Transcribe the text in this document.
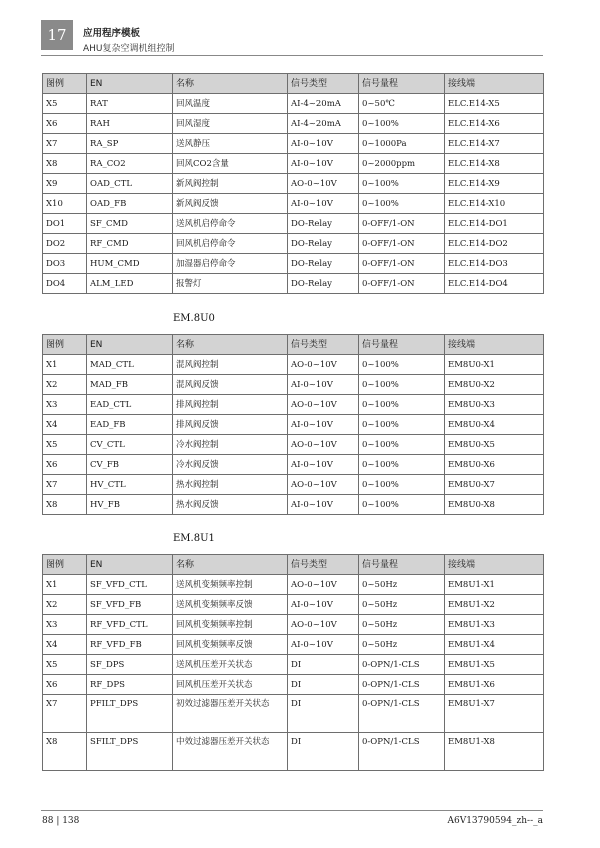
17	应用程序模板
AHU复杂空调机组控制
图例	EN	名称	信号类型	信号量程	接线端
X5	RAT	回风温度	AI-4~20mA	0~50℃	ELC.E14-X5
X6	RAH	回风湿度	AI-4~20mA	0~100%	ELC.E14-X6
X7	RA_SP	送风静压	AI-0~10V	0~1000Pa	ELC.E14-X7
X8	RA_CO2	回风CO2含量	AI-0~10V	0~2000ppm	ELC.E14-X8
X9	OAD_CTL	新风阀控制	AO-0~10V	0~100%	ELC.E14-X9
X10	OAD_FB	新风阀反馈	AI-0~10V	0~100%	ELC.E14-X10
DO1	SF_CMD	送风机启停命令	DO-Relay	0-OFF/1-ON	ELC.E14-DO1
DO2	RF_CMD	回风机启停命令	DO-Relay	0-OFF/1-ON	ELC.E14-DO2
DO3	HUM_CMD	加湿器启停命令	DO-Relay	0-OFF/1-ON	ELC.E14-DO3
DO4	ALM_LED	报警灯	DO-Relay	0-OFF/1-ON	ELC.E14-DO4
EM.8U0
图例	EN	名称	信号类型	信号量程	接线端
X1	MAD_CTL	混风阀控制	AO-0~10V	0~100%	EM8U0-X1
X2	MAD_FB	混风阀反馈	AI-0~10V	0~100%	EM8U0-X2
X3	EAD_CTL	排风阀控制	AO-0~10V	0~100%	EM8U0-X3
X4	EAD_FB	排风阀反馈	AI-0~10V	0~100%	EM8U0-X4
X5	CV_CTL	冷水阀控制	AO-0~10V	0~100%	EM8U0-X5
X6	CV_FB	冷水阀反馈	AI-0~10V	0~100%	EM8U0-X6
X7	HV_CTL	热水阀控制	AO-0~10V	0~100%	EM8U0-X7
X8	HV_FB	热水阀反馈	AI-0~10V	0~100%	EM8U0-X8
EM.8U1
图例	EN	名称	信号类型	信号量程	接线端
X1	SF_VFD_CTL	送风机变频频率控制	AO-0~10V	0~50Hz	EM8U1-X1
X2	SF_VFD_FB	送风机变频频率反馈	AI-0~10V	0~50Hz	EM8U1-X2
X3	RF_VFD_CTL	回风机变频频率控制	AO-0~10V	0~50Hz	EM8U1-X3
X4	RF_VFD_FB	回风机变频频率反馈	AI-0~10V	0~50Hz	EM8U1-X4
X5	SF_DPS	送风机压差开关状态	DI	0-OPN/1-CLS	EM8U1-X5
X6	RF_DPS	回风机压差开关状态	DI	0-OPN/1-CLS	EM8U1-X6
X7	PFILT_DPS	初效过滤器压差开关状态	DI	0-OPN/1-CLS	EM8U1-X7
X8	SFILT_DPS	中效过滤器压差开关状态	DI	0-OPN/1-CLS	EM8U1-X8
88 | 138	A6V13790594_zh--_a
